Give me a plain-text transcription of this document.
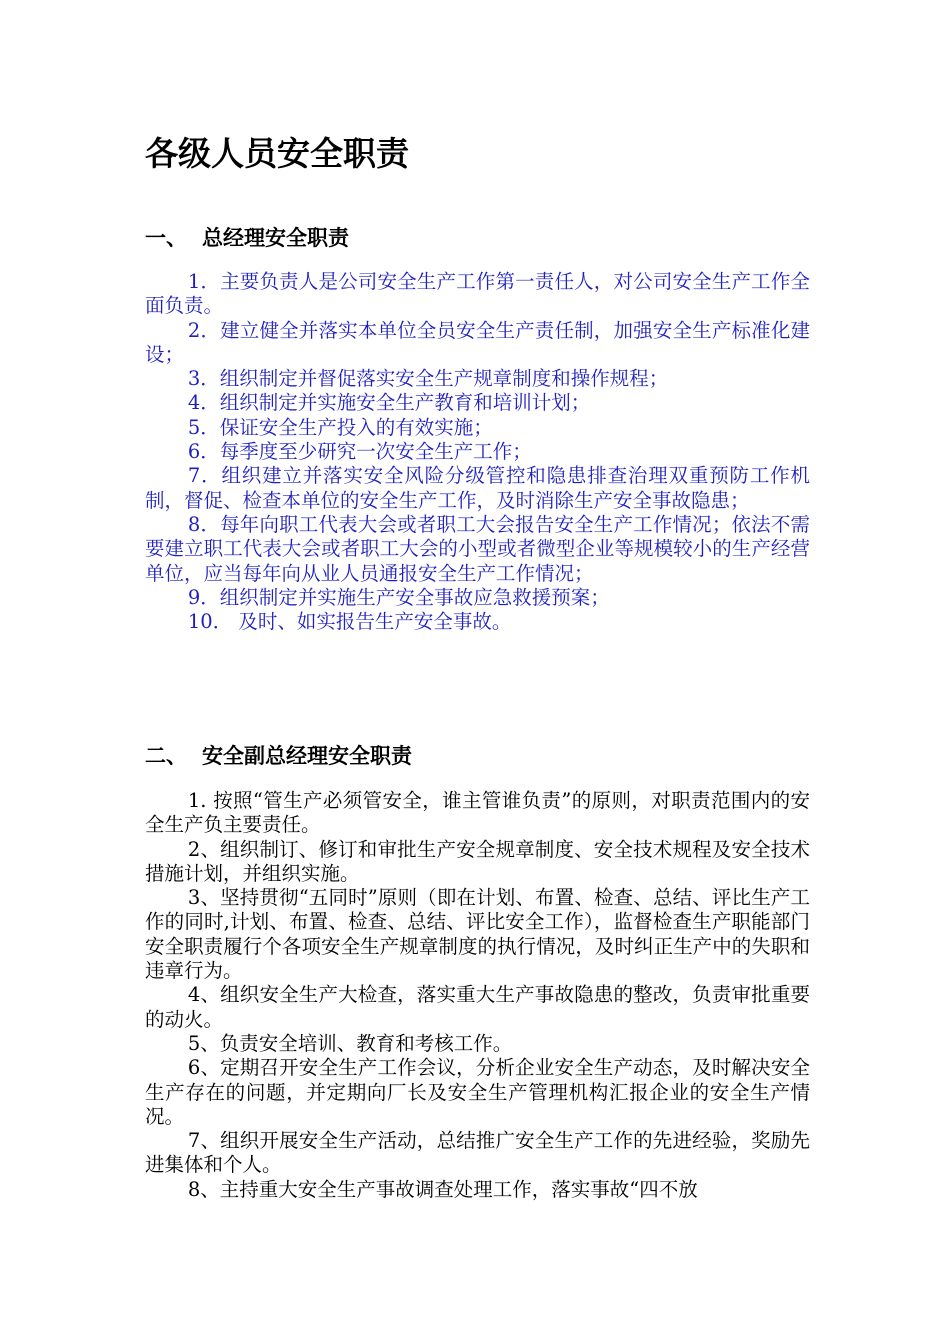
各级人员安全职责
一、 总经理安全职责
1．主要负责人是公司安全生产工作第一责任人，对公司安全生产工作全面负责。
2．建立健全并落实本单位全员安全生产责任制，加强安全生产标准化建设；
3．组织制定并督促落实安全生产规章制度和操作规程；
4．组织制定并实施安全生产教育和培训计划；
5．保证安全生产投入的有效实施；
6．每季度至少研究一次安全生产工作；
7．组织建立并落实安全风险分级管控和隐患排查治理双重预防工作机制，督促、检查本单位的安全生产工作，及时消除生产安全事故隐患；
8．每年向职工代表大会或者职工大会报告安全生产工作情况；依法不需要建立职工代表大会或者职工大会的小型或者微型企业等规模较小的生产经营单位，应当每年向从业人员通报安全生产工作情况；
9．组织制定并实施生产安全事故应急救援预案；
10． 及时、如实报告生产安全事故。
二、 安全副总经理安全职责
1. 按照“管生产必须管安全，谁主管谁负责”的原则，对职责范围内的安全生产负主要责任。
2、组织制订、修订和审批生产安全规章制度、安全技术规程及安全技术措施计划，并组织实施。
3、坚持贯彻“五同时”原则（即在计划、布置、检查、总结、评比生产工作的同时,计划、布置、检查、总结、评比安全工作），监督检查生产职能部门安全职责履行个各项安全生产规章制度的执行情况，及时纠正生产中的失职和违章行为。
4、组织安全生产大检查，落实重大生产事故隐患的整改，负责审批重要的动火。
5、负责安全培训、教育和考核工作。
6、定期召开安全生产工作会议，分析企业安全生产动态，及时解决安全生产存在的问题，并定期向厂长及安全生产管理机构汇报企业的安全生产情况。
7、组织开展安全生产活动，总结推广安全生产工作的先进经验，奖励先进集体和个人。
8、主持重大安全生产事故调查处理工作，落实事故“四不放
